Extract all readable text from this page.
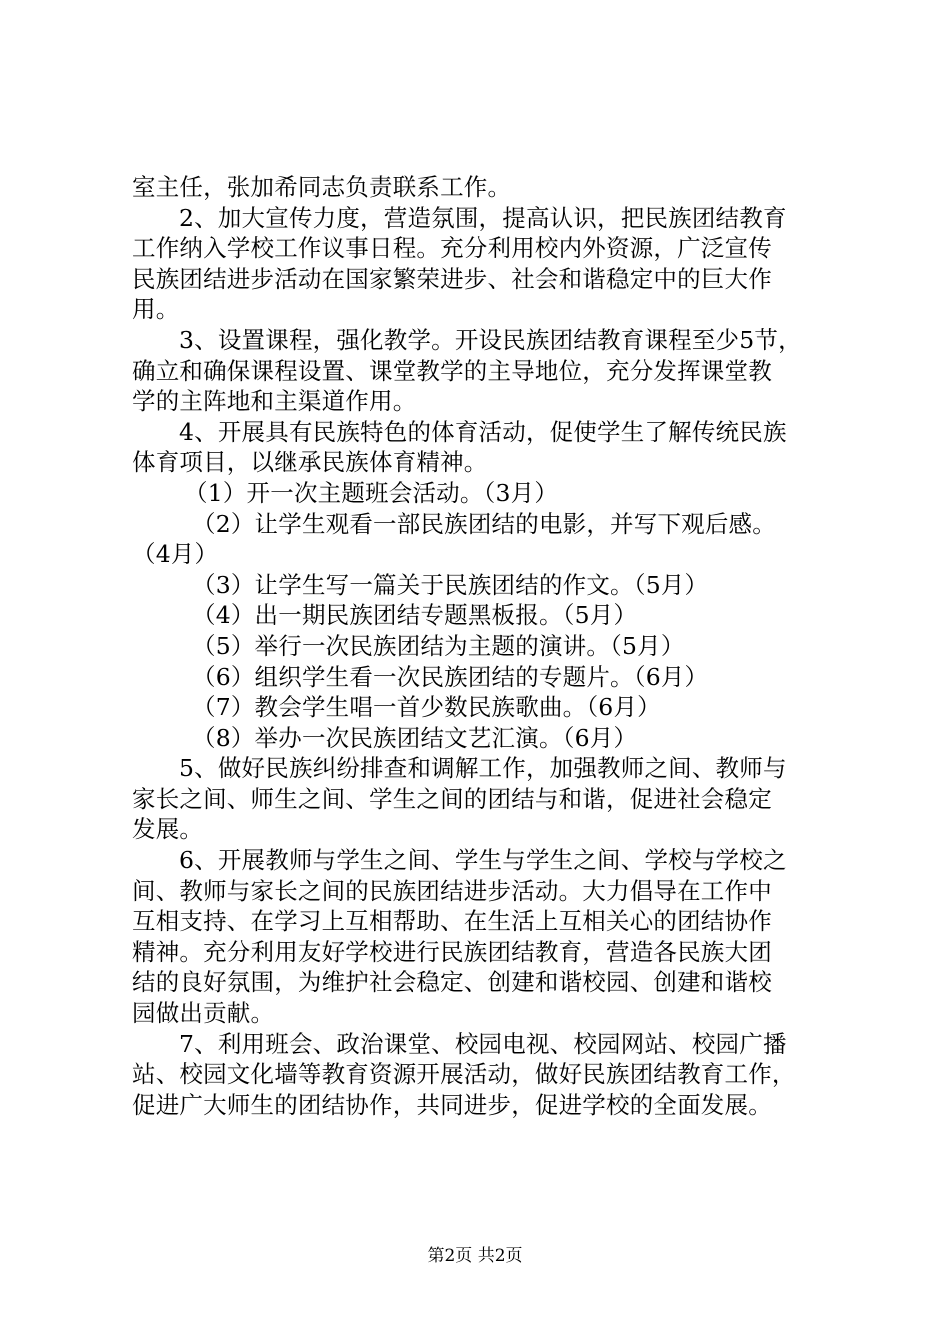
室主任，张加希同志负责联系工作。
2、加大宣传力度，营造氛围，提高认识，把民族团结教育
工作纳入学校工作议事日程。充分利用校内外资源，广泛宣传
民族团结进步活动在国家繁荣进步、社会和谐稳定中的巨大作
用。
3、设置课程，强化教学。开设民族团结教育课程至少5节，
确立和确保课程设置、课堂教学的主导地位，充分发挥课堂教
学的主阵地和主渠道作用。
4、开展具有民族特色的体育活动，促使学生了解传统民族
体育项目，以继承民族体育精神。
（1）开一次主题班会活动。（3月）
（2）让学生观看一部民族团结的电影，并写下观后感。
（4月）
（3）让学生写一篇关于民族团结的作文。（5月）
（4）出一期民族团结专题黑板报。（5月）
（5）举行一次民族团结为主题的演讲。（5月）
（6）组织学生看一次民族团结的专题片。（6月）
（7）教会学生唱一首少数民族歌曲。（6月）
（8）举办一次民族团结文艺汇演。（6月）
5、做好民族纠纷排查和调解工作，加强教师之间、教师与
家长之间、师生之间、学生之间的团结与和谐，促进社会稳定
发展。
6、开展教师与学生之间、学生与学生之间、学校与学校之
间、教师与家长之间的民族团结进步活动。大力倡导在工作中
互相支持、在学习上互相帮助、在生活上互相关心的团结协作
精神。充分利用友好学校进行民族团结教育，营造各民族大团
结的良好氛围，为维护社会稳定、创建和谐校园、创建和谐校
园做出贡献。
7、利用班会、政治课堂、校园电视、校园网站、校园广播
站、校园文化墙等教育资源开展活动，做好民族团结教育工作，
促进广大师生的团结协作，共同进步，促进学校的全面发展。
第2页 共2页
